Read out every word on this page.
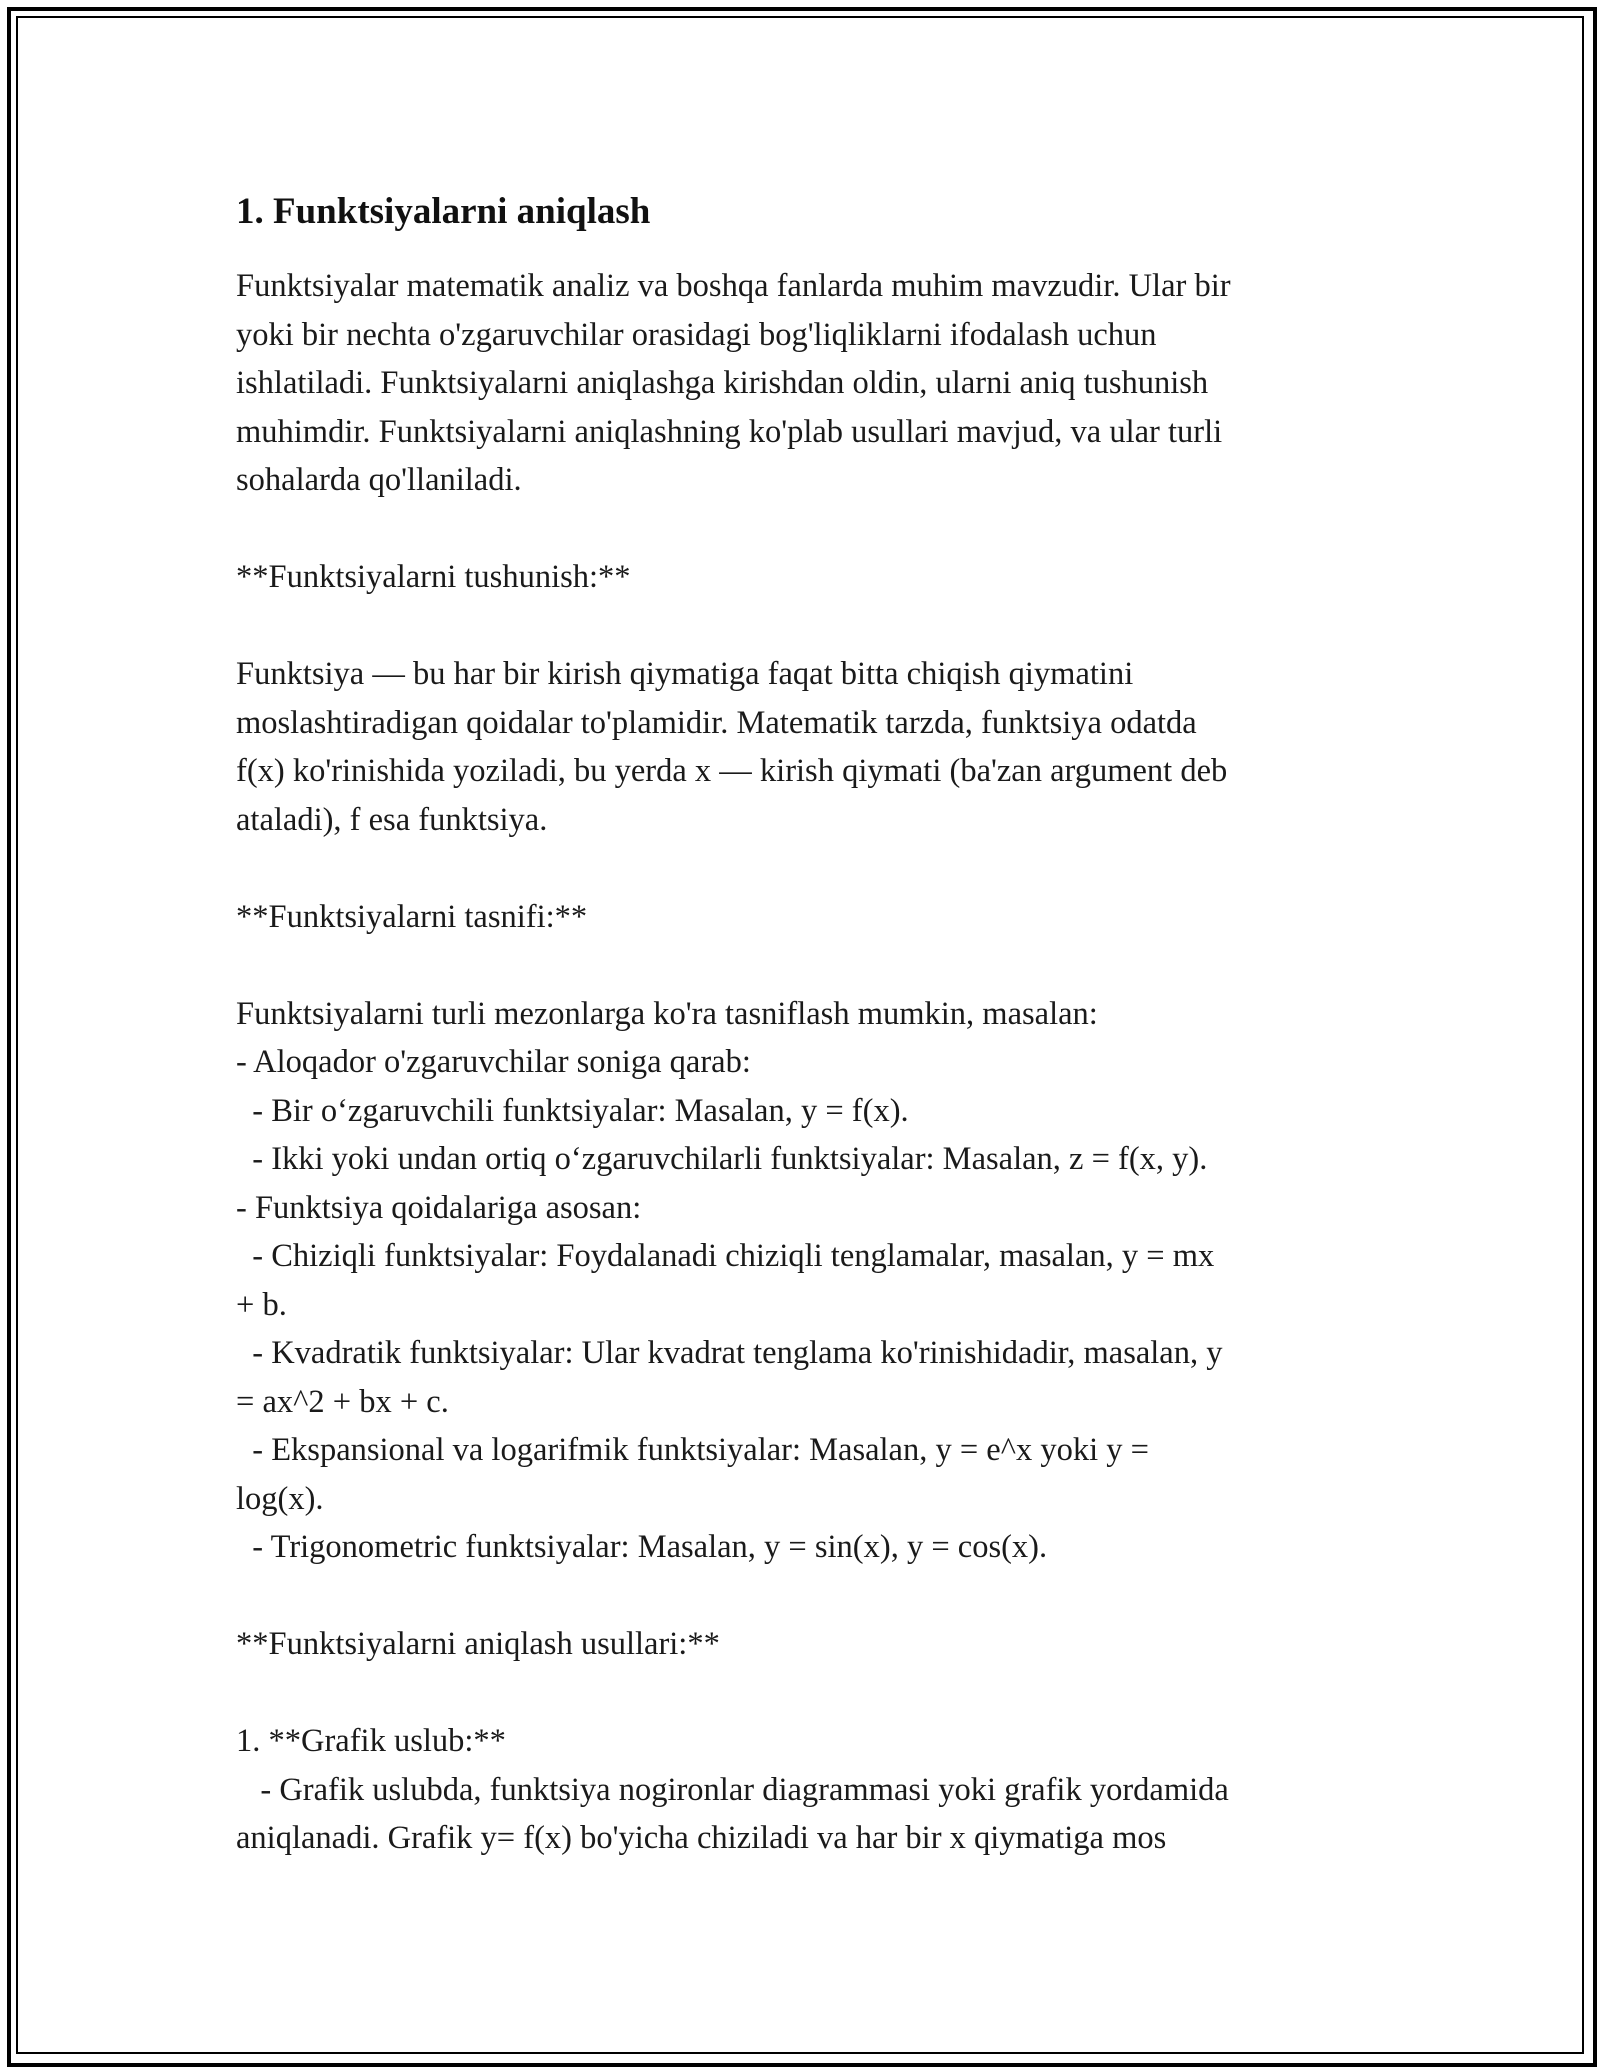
1. Funktsiyalarni aniqlash

Funktsiyalar matematik analiz va boshqa fanlarda muhim mavzudir. Ular bir

yoki bir nechta o'zgaruvchilar orasidagi bog'liqliklarni ifodalash uchun

ishlatiladi. Funktsiyalarni aniqlashga kirishdan oldin, ularni aniq tushunish

muhimdir. Funktsiyalarni aniqlashning ko'plab usullari mavjud, va ular turli

sohalarda qo'llaniladi.

**Funktsiyalarni tushunish:**

Funktsiya — bu har bir kirish qiymatiga faqat bitta chiqish qiymatini

moslashtiradigan qoidalar to'plamidir. Matematik tarzda, funktsiya odatda

f(x) ko'rinishida yoziladi, bu yerda x — kirish qiymati (ba'zan argument deb

ataladi), f esa funktsiya.

**Funktsiyalarni tasnifi:**

Funktsiyalarni turli mezonlarga ko'ra tasniflash mumkin, masalan:

- Aloqador o'zgaruvchilar soniga qarab:

- Bir o‘zgaruvchili funktsiyalar: Masalan, y = f(x).

- Ikki yoki undan ortiq o‘zgaruvchilarli funktsiyalar: Masalan, z = f(x, y).

- Funktsiya qoidalariga asosan:

- Chiziqli funktsiyalar: Foydalanadi chiziqli tenglamalar, masalan, y = mx

+ b.

- Kvadratik funktsiyalar: Ular kvadrat tenglama ko'rinishidadir, masalan, y

= ax^2 + bx + c.

- Ekspansional va logarifmik funktsiyalar: Masalan, y = e^x yoki y =

log(x).

- Trigonometric funktsiyalar: Masalan, y = sin(x), y = cos(x).

**Funktsiyalarni aniqlash usullari:**

1. **Grafik uslub:**

- Grafik uslubda, funktsiya nogironlar diagrammasi yoki grafik yordamida

aniqlanadi. Grafik y= f(x) bo'yicha chiziladi va har bir x qiymatiga mos
